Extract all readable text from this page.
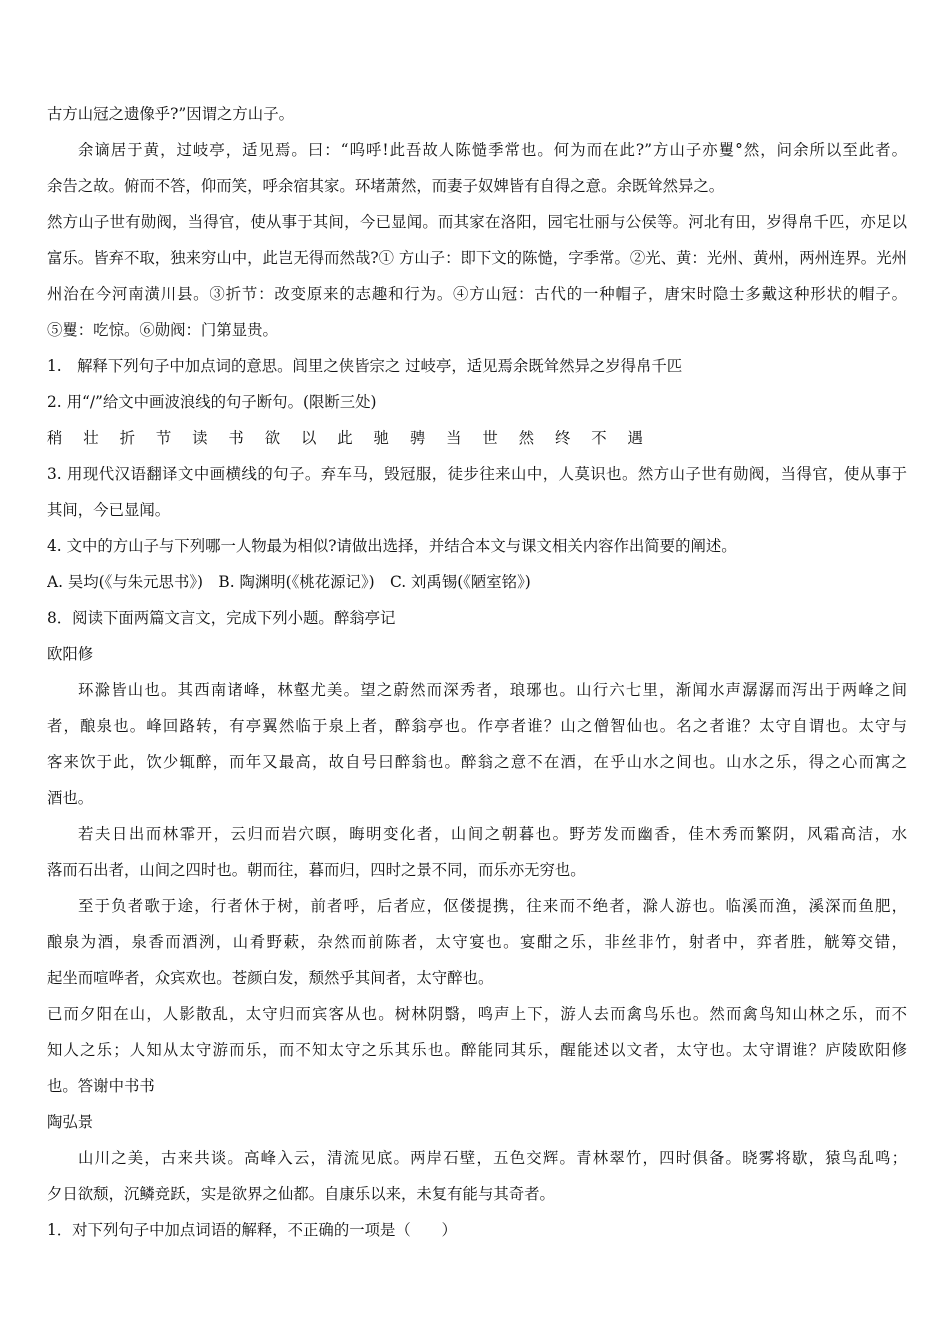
古方山冠之遗像乎?”因谓之方山子。
余谪居于黄，过岐亭，适见焉。曰：“呜呼!此吾故人陈慥季常也。何为而在此?”方山子亦矍°然，问余所以至此者。
余告之故。俯而不答，仰而笑，呼余宿其家。环堵萧然，而妻子奴婢皆有自得之意。余既耸然异之。
然方山子世有勋阀，当得官，使从事于其间，今已显闻。而其家在洛阳，园宅壮丽与公侯等。河北有田，岁得帛千匹，亦足以
富乐。皆弃不取，独来穷山中，此岂无得而然哉?① 方山子：即下文的陈慥，字季常。②光、黄：光州、黄州，两州连界。光州
州治在今河南潢川县。③折节：改变原来的志趣和行为。④方山冠：古代的一种帽子，唐宋时隐士多戴这种形状的帽子。
⑤矍：吃惊。⑥勋阀：门第显贵。
1.　解释下列句子中加点词的意思。闾里之侠皆宗之 过岐亭，适见焉余既耸然异之岁得帛千匹
2. 用“/”给文中画波浪线的句子断句。(限断三处)
稍 壮 折 节 读 书 欲 以 此 驰 骋 当 世 然 终 不 遇
3. 用现代汉语翻译文中画横线的句子。弃车马，毁冠服，徒步往来山中，人莫识也。然方山子世有勋阀，当得官，使从事于
其间，今已显闻。
4. 文中的方山子与下列哪一人物最为相似?请做出选择，并结合本文与课文相关内容作出简要的阐述。
A. 吴均(《与朱元思书》)　B. 陶渊明(《桃花源记》)　C. 刘禹锡(《陋室铭》)
8．阅读下面两篇文言文，完成下列小题。醉翁亭记
欧阳修
环滁皆山也。其西南诸峰，林壑尤美。望之蔚然而深秀者，琅琊也。山行六七里，渐闻水声潺潺而泻出于两峰之间
者，酿泉也。峰回路转，有亭翼然临于泉上者，醉翁亭也。作亭者谁？山之僧智仙也。名之者谁？太守自谓也。太守与
客来饮于此，饮少辄醉，而年又最高，故自号曰醉翁也。醉翁之意不在酒，在乎山水之间也。山水之乐，得之心而寓之
酒也。
若夫日出而林霏开，云归而岩穴暝，晦明变化者，山间之朝暮也。野芳发而幽香，佳木秀而繁阴，风霜高洁，水
落而石出者，山间之四时也。朝而往，暮而归，四时之景不同，而乐亦无穷也。
至于负者歌于途，行者休于树，前者呼，后者应，伛偻提携，往来而不绝者，滁人游也。临溪而渔，溪深而鱼肥，
酿泉为酒，泉香而酒洌，山肴野蔌，杂然而前陈者，太守宴也。宴酣之乐，非丝非竹，射者中，弈者胜，觥筹交错，
起坐而喧哗者，众宾欢也。苍颜白发，颓然乎其间者，太守醉也。
已而夕阳在山，人影散乱，太守归而宾客从也。树林阴翳，鸣声上下，游人去而禽鸟乐也。然而禽鸟知山林之乐，而不
知人之乐；人知从太守游而乐，而不知太守之乐其乐也。醉能同其乐，醒能述以文者，太守也。太守谓谁？庐陵欧阳修
也。答谢中书书
陶弘景
山川之美，古来共谈。高峰入云，清流见底。两岸石壁，五色交辉。青林翠竹，四时俱备。晓雾将歇，猿鸟乱鸣；
夕日欲颓，沉鳞竞跃，实是欲界之仙都。自康乐以来，未复有能与其奇者。
1．对下列句子中加点词语的解释，不正确的一项是（　　）
